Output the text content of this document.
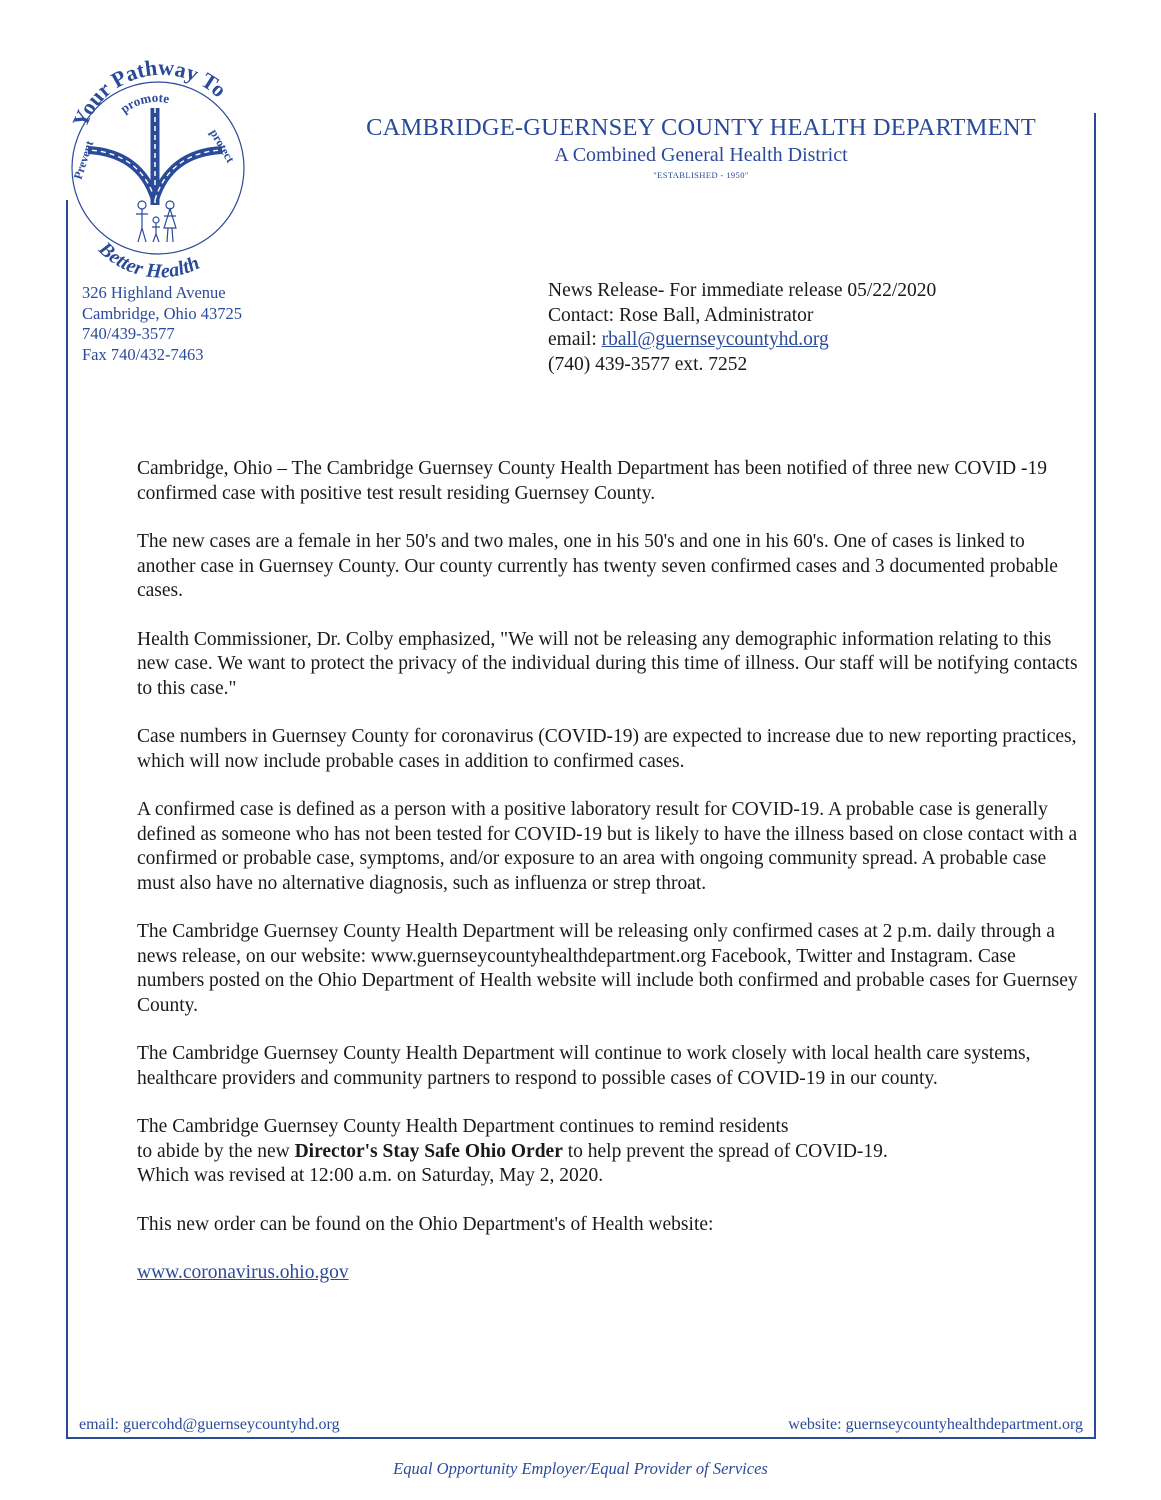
Your Pathway To
promote
Prevent	protect
Better Health
CAMBRIDGE-GUERNSEY COUNTY HEALTH DEPARTMENT
A Combined General Health District
"ESTABLISHED - 1950"
326 Highland Avenue
Cambridge, Ohio 43725
740/439-3577
Fax 740/432-7463
News Release- For immediate release 05/22/2020
Contact: Rose Ball, Administrator
email: rball@guernseycountyhd.org
(740) 439-3577 ext. 7252

Cambridge, Ohio – The Cambridge Guernsey County Health Department has been notified of three new COVID -19 confirmed case with positive test result residing Guernsey County.

The new cases are a female in her 50's and two males, one in his 50's and one in his 60's. One of cases is linked to another case in Guernsey County. Our county currently has twenty seven confirmed cases and 3 documented probable cases.

Health Commissioner, Dr. Colby emphasized, "We will not be releasing any demographic information relating to this new case. We want to protect the privacy of the individual during this time of illness. Our staff will be notifying contacts to this case."

Case numbers in Guernsey County for coronavirus (COVID-19) are expected to increase due to new reporting practices, which will now include probable cases in addition to confirmed cases.

A confirmed case is defined as a person with a positive laboratory result for COVID-19. A probable case is generally defined as someone who has not been tested for COVID-19 but is likely to have the illness based on close contact with a confirmed or probable case, symptoms, and/or exposure to an area with ongoing community spread. A probable case must also have no alternative diagnosis, such as influenza or strep throat.

The Cambridge Guernsey County Health Department will be releasing only confirmed cases at 2 p.m. daily through a news release, on our website: www.guernseycountyhealthdepartment.org Facebook, Twitter and Instagram. Case numbers posted on the Ohio Department of Health website will include both confirmed and probable cases for Guernsey County.

The Cambridge Guernsey County Health Department will continue to work closely with local health care systems, healthcare providers and community partners to respond to possible cases of COVID-19 in our county.

The Cambridge Guernsey County Health Department continues to remind residents
to abide by the new Director's Stay Safe Ohio Order to help prevent the spread of COVID-19.
Which was revised at 12:00 a.m. on Saturday, May 2, 2020.

This new order can be found on the Ohio Department's of Health website:

www.coronavirus.ohio.gov

email: guercohd@guernseycountyhd.org	website: guernseycountyhealthdepartment.org
Equal Opportunity Employer/Equal Provider of Services
